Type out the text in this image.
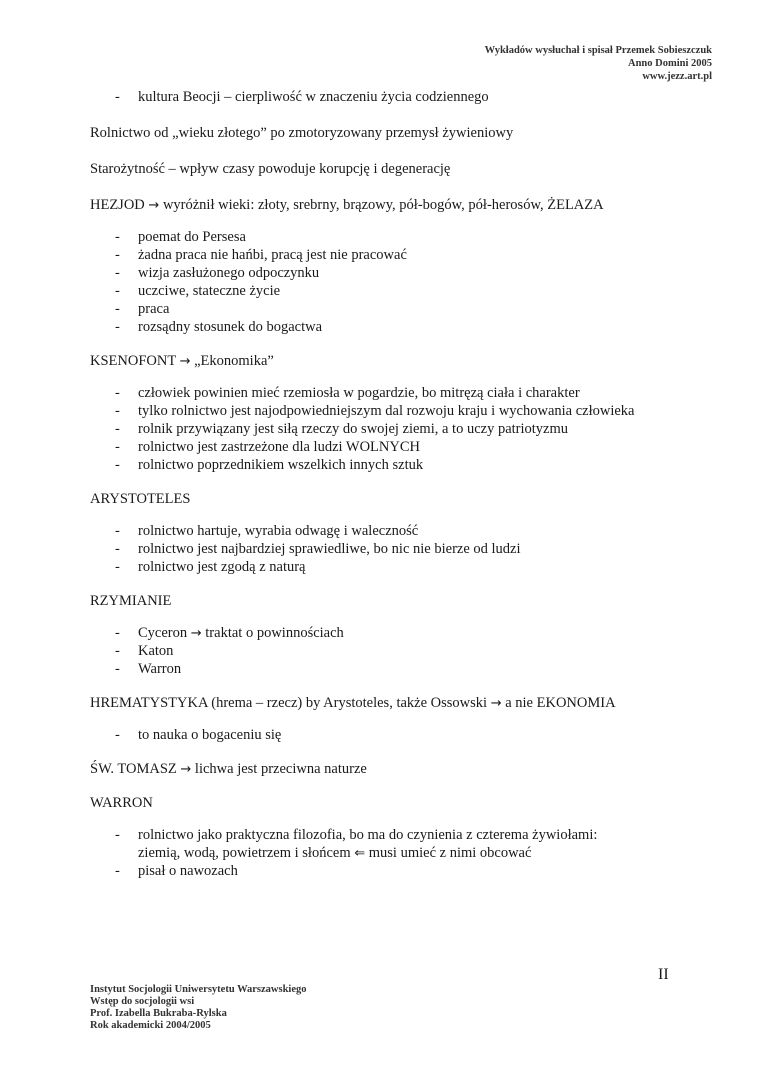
Wykładów wysłuchał i spisał Przemek Sobieszczuk
Anno Domini 2005
www.jezz.art.pl
- kultura Beocji – cierpliwość w znaczeniu życia codziennego
Rolnictwo od „wieku złotego” po zmotoryzowany przemysł żywieniowy
Starożytność – wpływ czasy powoduje korupcję i degenerację
HEZJOD → wyróżnił wieki: złoty, srebrny, brązowy, pół-bogów, pół-herosów, ŻELAZA
- poemat do Persesa
- żadna praca nie hańbi, pracą jest nie pracować
- wizja zasłużonego odpoczynku
- uczciwe, stateczne życie
- praca
- rozsądny stosunek do bogactwa
KSENOFONT → „Ekonomika”
- człowiek powinien mieć rzemiosła w pogardzie, bo mitręzą ciała i charakter
- tylko rolnictwo jest najodpowiedniejszym dal rozwoju kraju i wychowania człowieka
- rolnik przywiązany jest siłą rzeczy do swojej ziemi, a to uczy patriotyzmu
- rolnictwo jest zastrzeżone dla ludzi WOLNYCH
- rolnictwo poprzednikiem wszelkich innych sztuk
ARYSTOTELES
- rolnictwo hartuje, wyrabia odwagę i waleczność
- rolnictwo jest najbardziej sprawiedliwe, bo nic nie bierze od ludzi
- rolnictwo jest zgodą z naturą
RZYMIANIE
- Cyceron → traktat o powinnościach
- Katon
- Warron
HREMATYSTYKA (hrema – rzecz) by Arystoteles, także Ossowski → a nie EKONOMIA
- to nauka o bogaceniu się
ŚW. TOMASZ → lichwa jest przeciwna naturze
WARRON
- rolnictwo jako praktyczna filozofia, bo ma do czynienia z czterema żywiołami:
ziemią, wodą, powietrzem i słońcem ⇐ musi umieć z nimi obcować
- pisał o nawozach
II
Instytut Socjologii Uniwersytetu Warszawskiego
Wstęp do socjologii wsi
Prof. Izabella Bukraba-Rylska
Rok akademicki 2004/2005
